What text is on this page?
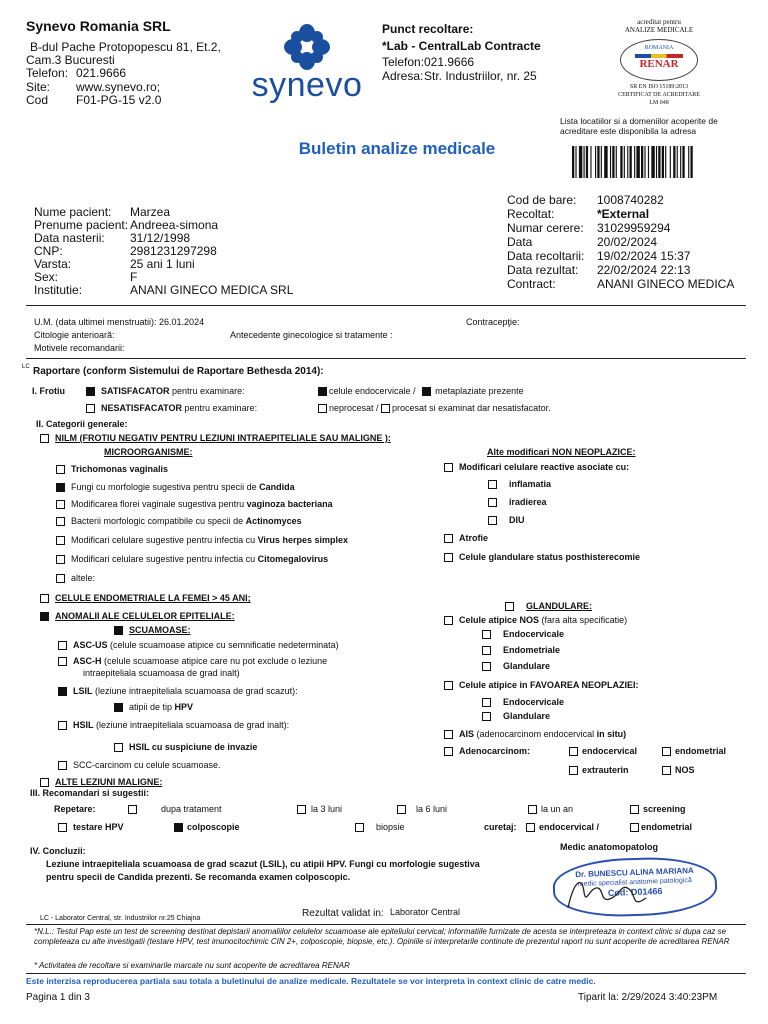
Synevo Romania SRL
B-dul Pache Protopopescu 81, Et.2,
Cam.3 Bucuresti
Telefon: 021.9666
Site: www.synevo.ro;
Cod F01-PG-15 v2.0	synevo
Punct recoltare:
*Lab - CentralLab Contracte
Telefon: 021.9666
Adresa: Str. Industriilor, nr. 25
acreditat pentru
ANALIZE MEDICALE
ROMANIA
RENAR
SR EN ISO 15189:2013
CERTIFICAT DE ACREDITARE
LM 048
Lista locatiilor si a domeniilor acoperite de acreditare este disponibila la adresa
Buletin analize medicale
Nume pacient: Marzea
Prenume pacient: Andreea-simona
Data nasterii: 31/12/1998
CNP:	2981231297298
Varsta:	25 ani 1 luni
Sex:	F
Institutie:	ANANI GINECO MEDICA SRL
Cod de bare: 1008740282
Recoltat:	*External
Numar cerere: 31029959294
Data	20/02/2024
Data recoltarii: 19/02/2024 15:37
Data rezultat: 22/02/2024 22:13
Contract:	ANANI GINECO MEDICA
U.M. (data ultimei menstruatii): 26.01.2024	Contracepţie:
Citologie anterioară:	Antecedente ginecologice si tratamente :
Motivele recomandarii:
LC Raportare (conform Sistemului de Raportare Bethesda 2014):
I. Frotiu	SATISFACATOR pentru examinare:
NESATISFACATOR pentru examinare:
celule endocervicale / metaplaziate prezente
neprocesat / procesat si examinat dar nesatisfacator.
II. Categorii generale:
NILM (FROTIU NEGATIV PENTRU LEZIUNI INTRAEPITELIALE SAU MALIGNE ):
MICROORGANISME:
Trichomonas vaginalis
Fungi cu morfologie sugestiva pentru specii de Candida
Modificarea florei vaginale sugestiva pentru vaginoza bacteriana
Bacterii morfologic compatibile cu specii de Actinomyces
Modificari celulare sugestive pentru infectia cu Virus herpes simplex
Modificari celulare sugestive pentru infectia cu Citomegalovirus
altele:
Alte modificari NON NEOPLAZICE:
Modificari celulare reactive asociate cu:
inflamatia
iradierea
DIU
Atrofie
Celule glandulare status posthisterecomie
CELULE ENDOMETRIALE LA FEMEI > 45 ANI;
ANOMALII ALE CELULELOR EPITELIALE:
SCUAMOASE:
ASC-US (celule scuamoase atipice cu semnificatie nedeterminata)
ASC-H (celule scuamoase atipice care nu pot exclude o leziune
intraepiteliala scuamoasa de grad inalt)
LSIL (leziune intraepiteliala scuamoasa de grad scazut):
atipii de tip HPV
HSIL (leziune intraepiteliala scuamoasa de grad inalt):
HSIL cu suspiciune de invazie
SCC-carcinom cu celule scuamoase.
GLANDULARE:
Celule atipice NOS (fara alta specificatie)
Endocervicale
Endometriale
Glandulare
Celule atipice in FAVOAREA NEOPLAZIEI:
Endocervicale
Glandulare
AIS (adenocarcinom endocervical in situ)
Adenocarcinom:	endocervical	endometrial
extrauterin	NOS
ALTE LEZIUNI MALIGNE:
III. Recomandari si sugestii:
Repetare:	dupa tratament	la 3 luni	la 6 luni	la un an	screening
testare HPV	colposcopie	biopsie	curetaj:	endocervical /	endometrial
IV. Concluzii:	Medic anatomopatolog
Leziune intraepiteliala scuamoasa de grad scazut (LSIL), cu atipii HPV. Fungi cu morfologie sugestiva pentru specii de Candida prezenti. Se recomanda examen colposcopic.	Dr. BUNESCU ALINA MARIANA
medic specialist anatomie patologică
Cod: D01466
LC - Laborator Central, str. Industriilor nr.25 Chiajna	Rezultat validat in: Laborator Central
*N.L.: Testul Pap este un test de screening destinat depistarii anomaliilor celulelor scuamoase ale epiteliului cervical; informatiile furnizate de acesta se interpreteaza in context clinic si dupa caz se completeaza cu alte investigatii (testare HPV, test imunocitochimic CIN 2+, colposcopie, biopsie, etc.). Opiniile si interpretarile continute de prezentul raport nu sunt acoperite de acreditarea RENAR
* Activitatea de recoltare si examinarile marcate nu sunt acoperite de acreditarea RENAR
Este interzisa reproducerea partiala sau totala a buletinului de analize medicale. Rezultatele se vor interpreta in context clinic de catre medic.
Pagina 1 din 3	Tiparit la: 2/29/2024 3:40:23PM
